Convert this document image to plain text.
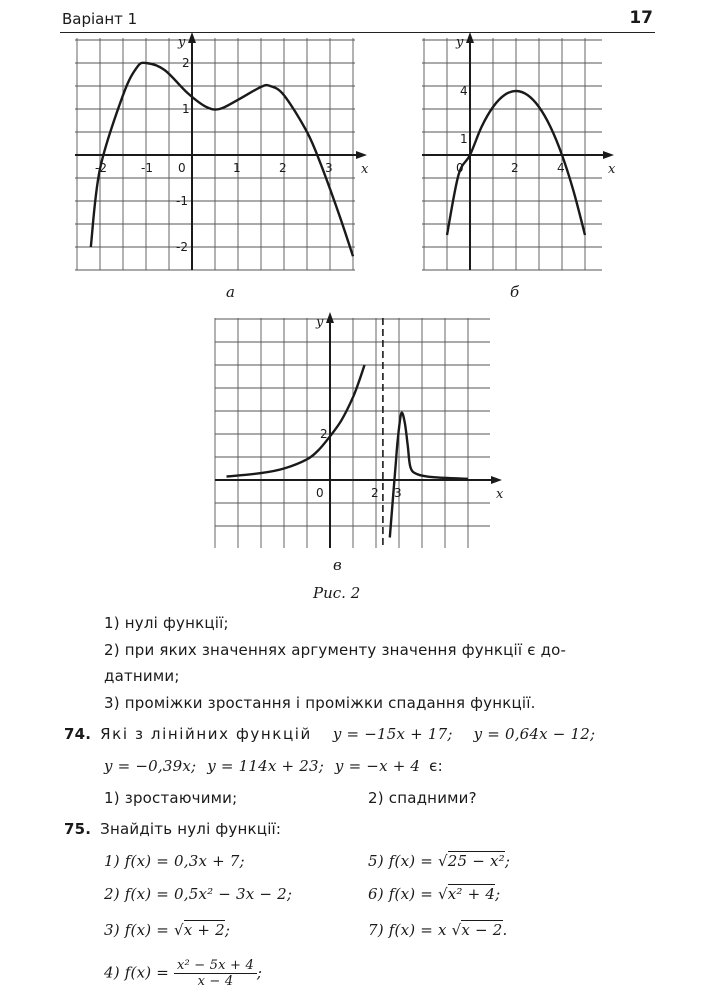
Варіант 1	17
x
y
-2	-1 0	1	2	3
2
1
-1
-2
а
x
y
0	2	4
4
1
б
x
y
0	2 3
2
в
Рис. 2
1) нулі функції;
2) при яких значеннях аргументу значення функції є до-
датними;
3) проміжки зростання і проміжки спадання функції.
74. Які з лінійних функцій y = −15x + 17; y = 0,64x − 12;
y = −0,39x; y = 114x + 23; y = −x + 4 є:
1) зростаючими;	2) спадними?
75. Знайдіть нулі функції:
1) f(x) = 0,3x + 7;
2) f(x) = 0,5x² − 3x − 2;
3) f(x) = √x + 2;
4) $f(x) = \frac{\text{x² − 5x + 4}}{x - 4}$ ;
5) f(x) = √25 − x²;
6) f(x) = √x² + 4;
7) f(x) = x √x − 2.
